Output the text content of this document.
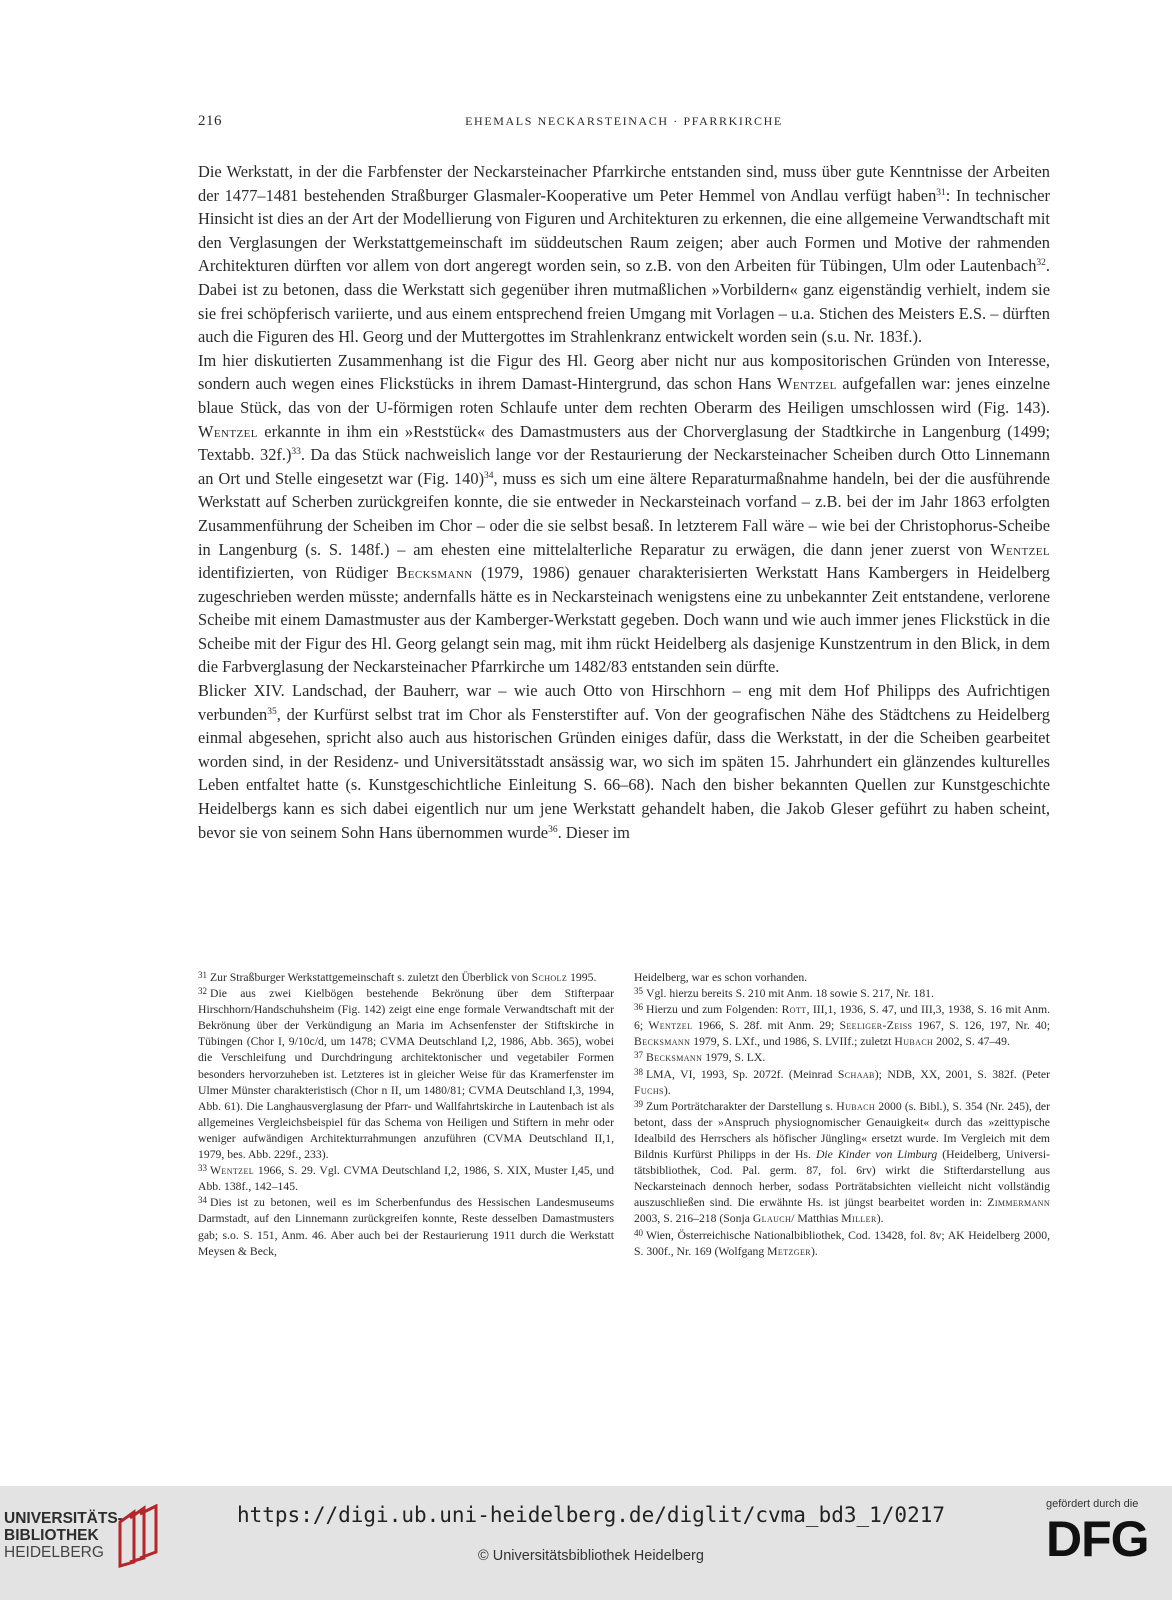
216	EHEMALS NECKARSTEINACH · PFARRKIRCHE

Die Werkstatt, in der die Farbfenster der Neckarsteinacher Pfarrkirche entstanden sind, muss über gute Kenntnisse der Arbeiten der 1477–1481 bestehenden Straßburger Glasmaler-Kooperative um Peter Hemmel von Andlau verfügt haben$^{31}$: In technischer Hinsicht ist dies an der Art der Modellierung von Figuren und Architekturen zu erkennen, die eine allgemeine Verwandtschaft mit den Verglasungen der Werkstattgemeinschaft im süddeutschen Raum zeigen; aber auch Formen und Motive der rahmenden Architekturen dürften vor allem von dort angeregt worden sein, so z.B. von den Arbeiten für Tübingen, Ulm oder Lautenbach$^{32}$. Dabei ist zu betonen, dass die Werkstatt sich gegenüber ihren mutmaßlichen »Vorbildern« ganz eigenständig verhielt, indem sie sie frei schöpferisch variierte, und aus einem entsprechend freien Umgang mit Vorlagen – u.a. Stichen des Meisters E.S. – dürften auch die Figuren des Hl. Georg und der Muttergottes im Strahlenkranz entwickelt worden sein (s.u. Nr. 183f.).

Im hier diskutierten Zusammenhang ist die Figur des Hl. Georg aber nicht nur aus kompositorischen Gründen von Interesse, sondern auch wegen eines Flickstücks in ihrem Damast-Hintergrund, das schon Hans Wentzel aufgefallen war: jenes einzelne blaue Stück, das von der U-förmigen roten Schlaufe unter dem rechten Oberarm des Heiligen umschlossen wird (Fig. 143). Wentzel erkannte in ihm ein »Reststück« des Damastmusters aus der Chorverglasung der Stadtkirche in Langenburg (1499; Textabb. 32f.)$^{33}$. Da das Stück nachweislich lange vor der Restaurierung der Neckarsteinacher Scheiben durch Otto Linnemann an Ort und Stelle eingesetzt war (Fig. 140)$^{34}$, muss es sich um eine ältere Reparaturmaßnahme handeln, bei der die ausführende Werkstatt auf Scherben zurückgreifen konnte, die sie entweder in Neckarsteinach vorfand – z.B. bei der im Jahr 1863 erfolgten Zusammenführung der Scheiben im Chor – oder die sie selbst besaß. In letzterem Fall wäre – wie bei der Christophorus-Scheibe in Langenburg (s. S. 148f.) – am ehesten eine mittelalterliche Reparatur zu erwägen, die dann jener zuerst von Wentzel identifizierten, von Rüdiger Becksmann (1979, 1986) genauer charakterisierten Werkstatt Hans Kambergers in Heidelberg zugeschrieben werden müsste; andernfalls hätte es in Neckarsteinach wenigstens eine zu unbekannter Zeit entstandene, verlorene Scheibe mit einem Damastmuster aus der Kamberger-Werkstatt gegeben. Doch wann und wie auch immer jenes Flickstück in die Scheibe mit der Figur des Hl. Georg gelangt sein mag, mit ihm rückt Heidelberg als dasjenige Kunstzentrum in den Blick, in dem die Farbverglasung der Neckarsteinacher Pfarrkirche um 1482/83 entstanden sein dürfte.

Blicker XIV. Landschad, der Bauherr, war – wie auch Otto von Hirschhorn – eng mit dem Hof Philipps des Aufrichtigen verbunden$^{35}$, der Kurfürst selbst trat im Chor als Fensterstifter auf. Von der geografischen Nähe des Städtchens zu Heidelberg einmal abgesehen, spricht also auch aus historischen Gründen einiges dafür, dass die Werkstatt, in der die Scheiben gearbeitet worden sind, in der Residenz- und Universitätsstadt ansässig war, wo sich im späten 15. Jahrhundert ein glänzendes kulturelles Leben entfaltet hatte (s. Kunstgeschichtliche Einleitung S. 66–68). Nach den bisher bekannten Quellen zur Kunstgeschichte Heidelbergs kann es sich dabei eigentlich nur um jene Werkstatt gehandelt haben, die Jakob Gleser geführt zu haben scheint, bevor sie von seinem Sohn Hans übernommen wurde$^{36}$. Dieser im

$^{31}$ Zur Straßburger Werkstattgemeinschaft s. zuletzt den Überblick von Scholz 1995.

$^{32}$ Die aus zwei Kielbögen bestehende Bekrönung über dem Stifterpaar Hirschhorn/Handschuhsheim (Fig. 142) zeigt eine enge formale Verwandtschaft mit der Bekrönung über der Verkündigung an Maria im Achsenfenster der Stiftskirche in Tübingen (Chor I, 9/10c/d, um 1478; CVMA Deutschland I,2, 1986, Abb. 365), wobei die Verschleifung und Durchdringung architektonischer und vegetabiler Formen besonders hervorzuheben ist. Letzteres ist in gleicher Weise für das Kramerfenster im Ulmer Münster charakteristisch (Chor n II, um 1480/81; CVMA Deutschland I,3, 1994, Abb. 61). Die Langhausverglasung der Pfarr- und Wallfahrtskirche in Lautenbach ist als allgemeines Vergleichsbeispiel für das Schema von Heiligen und Stiftern in mehr oder weniger aufwändigen Architekturrahmungen anzuführen (CVMA Deutschland II,1, 1979, bes. Abb. 229f., 233).

$^{33}$ Wentzel 1966, S. 29. Vgl. CVMA Deutschland I,2, 1986, S. XIX, Muster I,45, und Abb. 138f., 142–145.

$^{34}$ Dies ist zu betonen, weil es im Scherbenfundus des Hessischen Landesmuseums Darmstadt, auf den Linnemann zurückgreifen konnte, Reste desselben Damastmusters gab; s.o. S. 151, Anm. 46. Aber auch bei der Restaurierung 1911 durch die Werkstatt Meysen & Beck,

Heidelberg, war es schon vorhanden.

$^{35}$ Vgl. hierzu bereits S. 210 mit Anm. 18 sowie S. 217, Nr. 181.

$^{36}$ Hierzu und zum Folgenden: Rott, III,1, 1936, S. 47, und III,3, 1938, S. 16 mit Anm. 6; Wentzel 1966, S. 28f. mit Anm. 29; Seeliger-Zeiss 1967, S. 126, 197, Nr. 40; Becksmann 1979, S. LXf., und 1986, S. LVIIf.; zuletzt Hubach 2002, S. 47–49.

$^{37}$ Becksmann 1979, S. LX.

$^{38}$ LMA, VI, 1993, Sp. 2072f. (Meinrad Schaab); NDB, XX, 2001, S. 382f. (Peter Fuchs).

$^{39}$ Zum Porträtcharakter der Darstellung s. Hubach 2000 (s. Bibl.), S. 354 (Nr. 245), der betont, dass der »Anspruch physiognomischer Genauigkeit« durch das »zeittypische Idealbild des Herrschers als höfischer Jüngling« ersetzt wurde. Im Vergleich mit dem Bildnis Kurfürst Philipps in der Hs. Die Kinder von Limburg (Heidelberg, Universitätsbibliothek, Cod. Pal. germ. 87, fol. 6rv) wirkt die Stifterdarstellung aus Neckarsteinach dennoch herber, sodass Porträtabsichten vielleicht nicht vollständig auszuschließen sind. Die erwähnte Hs. ist jüngst bearbeitet worden in: Zimmermann 2003, S. 216–218 (Sonja Glauch/ Matthias Miller).

$^{40}$ Wien, Österreichische Nationalbibliothek, Cod. 13428, fol. 8v; AK Heidelberg 2000, S. 300f., Nr. 169 (Wolfgang Metzger).

UNIVERSITÄTS-
BIBLIOTHEK
HEIDELBERG
https://digi.ub.uni-heidelberg.de/diglit/cvma_bd3_1/0217
© Universitätsbibliothek Heidelberg
gefördert durch die
DFG
